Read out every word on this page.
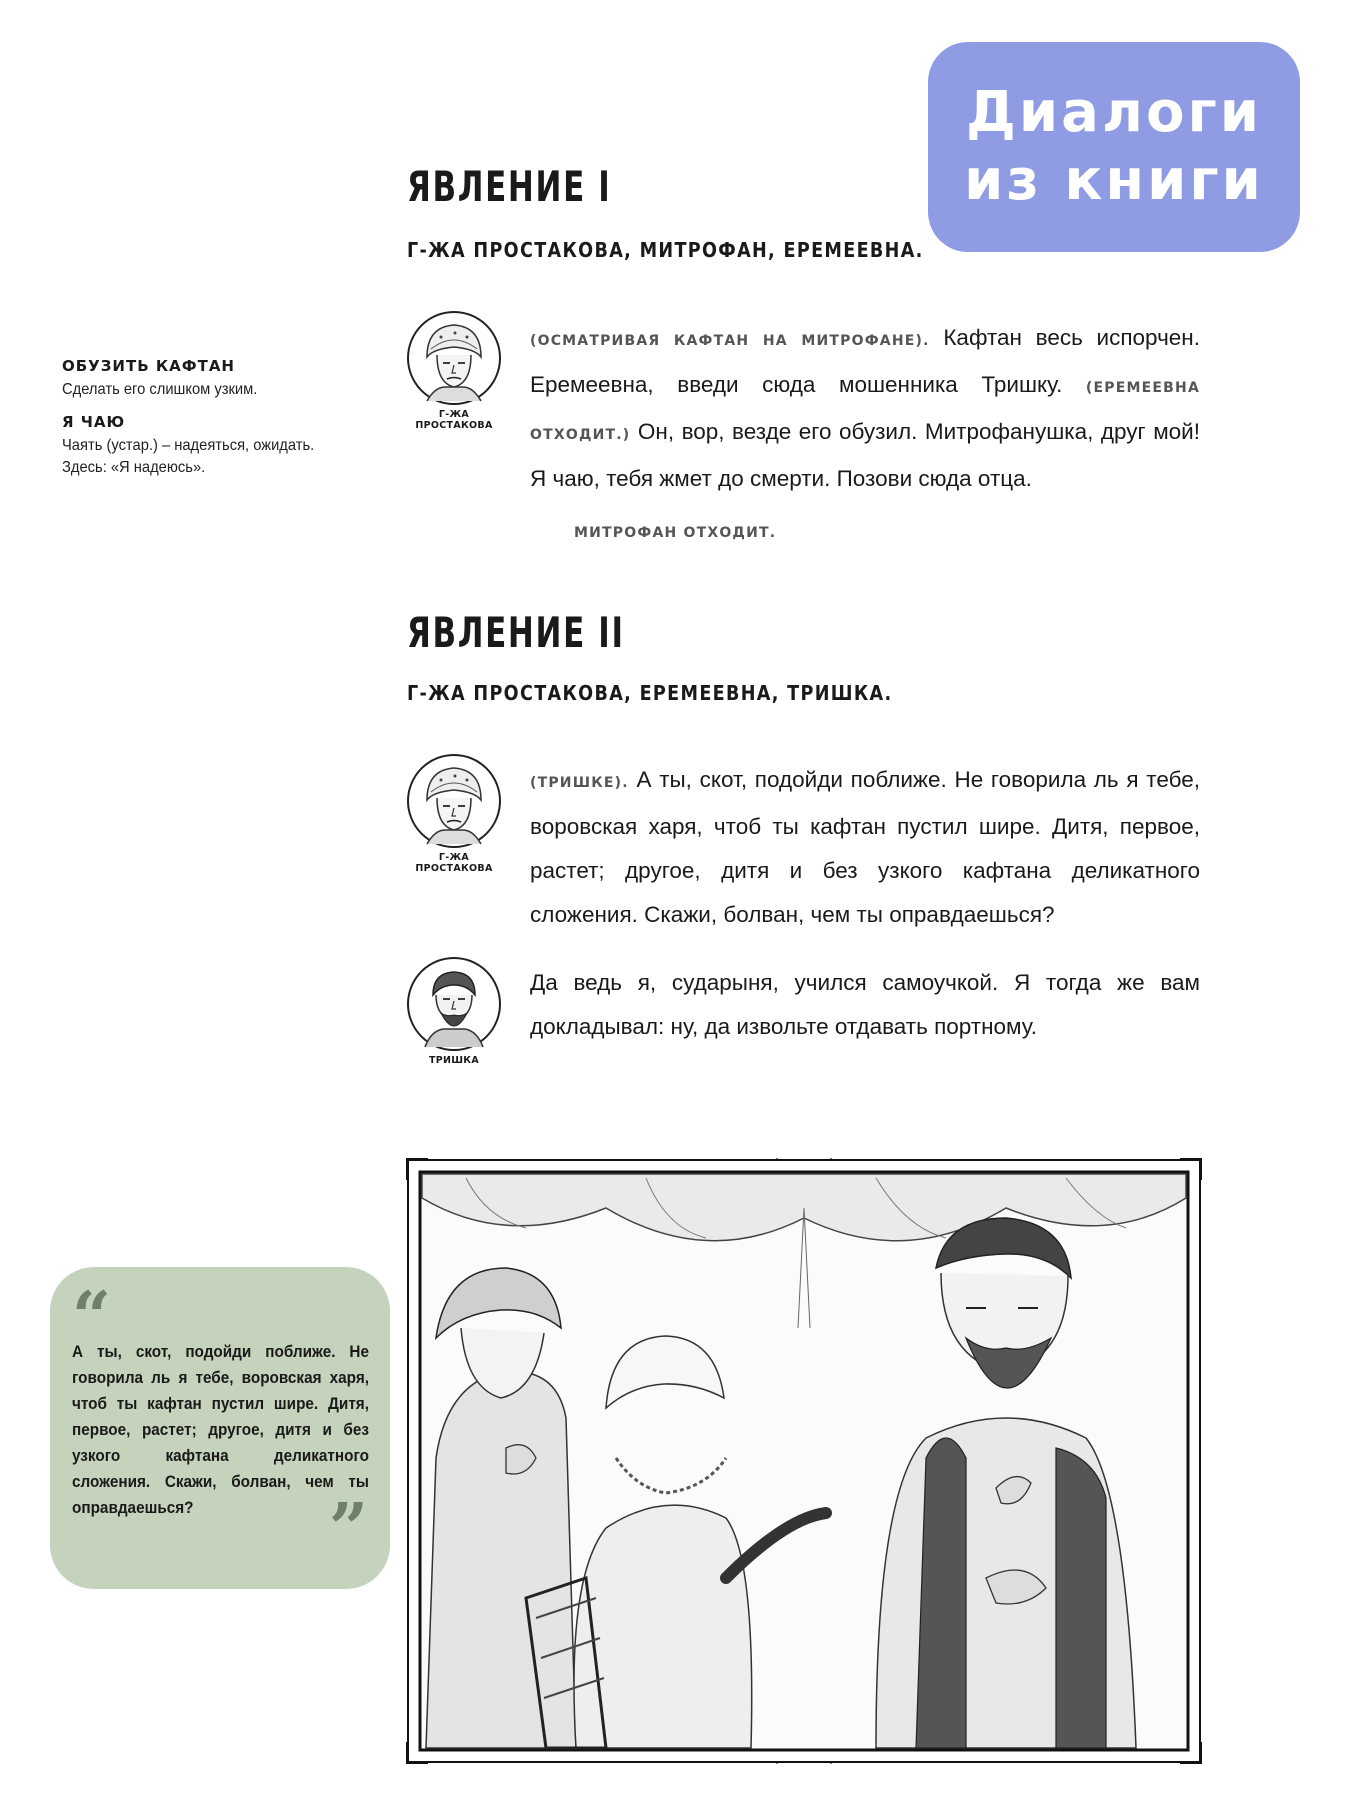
Диалоги
из книги
ЯВЛЕНИЕ I
Г-ЖА ПРОСТАКОВА, МИТРОФАН, ЕРЕМЕЕВНА.
ОБУЗИТЬ КАФТАН
Сделать его слишком узким.
Я ЧАЮ
Чаять (устар.) – надеяться, ожидать. Здесь: «Я надеюсь».
Г-ЖА
ПРОСТАКОВА
(ОСМАТРИВАЯ КАФТАН НА МИТРОФАНЕ). Кафтан весь испорчен. Еремеевна, введи сюда мошенника Тришку. (ЕРЕМЕЕВНА ОТХОДИТ.) Он, вор, везде его обузил. Митрофанушка, друг мой! Я чаю, тебя жмет до смерти. Позови сюда отца.
МИТРОФАН ОТХОДИТ.
ЯВЛЕНИЕ II
Г-ЖА ПРОСТАКОВА, ЕРЕМЕЕВНА, ТРИШКА.
Г-ЖА
ПРОСТАКОВА
(ТРИШКЕ). А ты, скот, подойди поближе. Не говорила ль я тебе, воровская харя, чтоб ты кафтан пустил шире. Дитя, первое, растет; другое, дитя и без узкого кафтана деликатного сложения. Скажи, болван, чем ты оправдаешься?
ТРИШКА
Да ведь я, сударыня, учился самоучкой. Я тогда же вам докладывал: ну, да извольте отдавать портному.
“
А ты, скот, подойди поближе. Не говорила ль я тебе, воровская харя, чтоб ты кафтан пустил шире. Дитя, первое, растет; другое, дитя и без узкого кафтана деликатного сложения. Скажи, болван, чем ты оправдаешься?	”
